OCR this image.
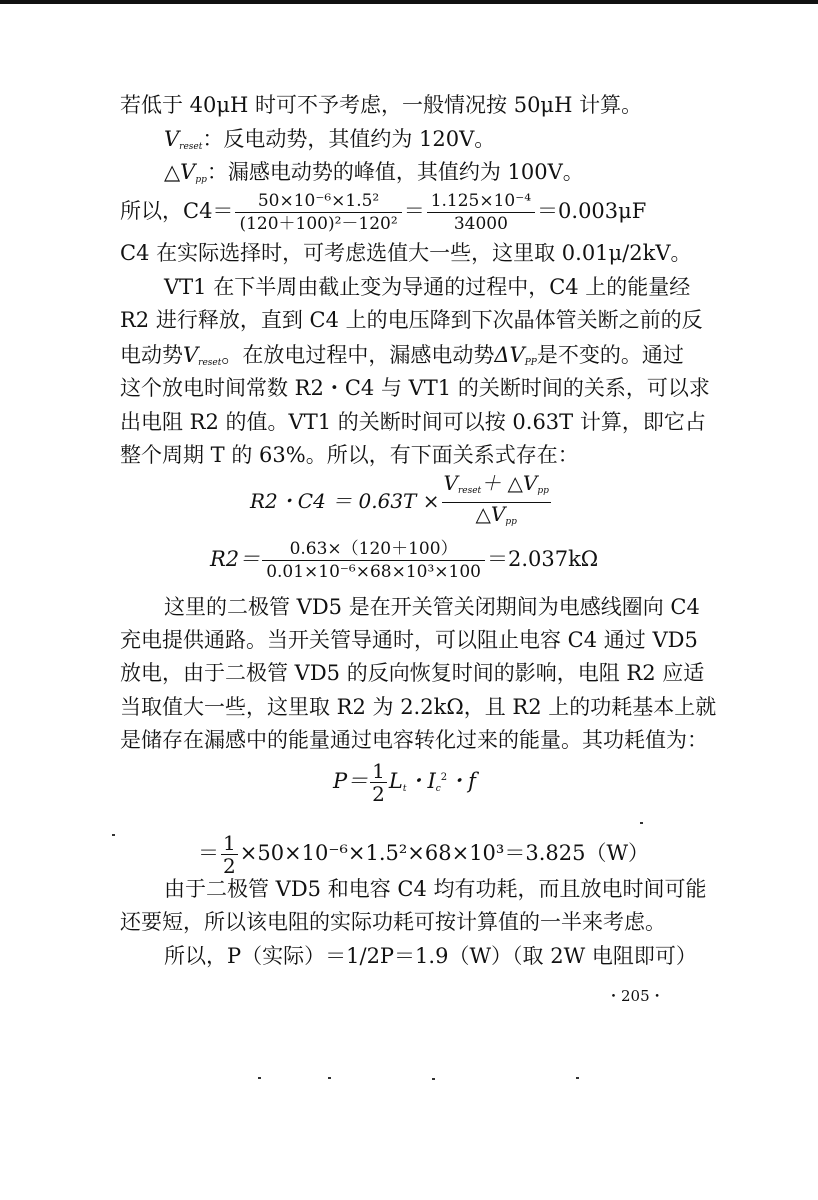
若低于 40μH 时可不予考虑，一般情况按 50μH 计算。
$V_{reset}$：反电动势，其值约为 120V。
$\triangle V_{pp}$：漏感电动势的峰值，其值约为 100V。
所以，$C4= \frac{\text{50×10⁻⁶×1.5²}}{\text{(120＋100)²－120²}} = \frac{\text{1.125×10⁻⁴}}{34000} =0.003\mu F$
C4 在实际选择时，可考虑选值大一些，这里取 0.01μ/2kV。
VT1 在下半周由截止变为导通的过程中，C4 上的能量经
R2 进行释放，直到 C4 上的电压降到下次晶体管关断之前的反
电动势$V_{reset}$。在放电过程中，漏感电动势$\Delta V_{PP}$是不变的。通过
这个放电时间常数 R2・C4 与 VT1 的关断时间的关系，可以求
出电阻 R2 的值。VT1 的关断时间可以按 0.63T 计算，即它占
整个周期 T 的 63%。所以，有下面关系式存在：
R2・$C4 = 0.63T \times \frac{V_{reset}+ \triangle V_{pp}}{\triangle V_{pp}}$
$R2= \frac{0.63\times(120+100)}{\text{0.01×10⁻⁶×68×10³×100}} =2.037k\Omega$
这里的二极管 VD5 是在开关管关闭期间为电感线圈向 C4
充电提供通路。当开关管导通时，可以阻止电容 C4 通过 VD5
放电，由于二极管 VD5 的反向恢复时间的影响，电阻 R2 应适
当取值大一些，这里取 R2 为 2.2kΩ，且 R2 上的功耗基本上就
是储存在漏感中的能量通过电容转化过来的能量。其功耗值为：
$P= \frac{1}{2} L_t$・$I_c^2$・f
＝ $\frac{1}{2} \times 50\times 10^{-6}\times 1.5^2\times 68\times 10^3=3.825(W)$
由于二极管 VD5 和电容 C4 均有功耗，而且放电时间可能
还要短，所以该电阻的实际功耗可按计算值的一半来考虑。
所以，P（实际）＝1/2P＝1.9（W）（取 2W 电阻即可）
・205・
